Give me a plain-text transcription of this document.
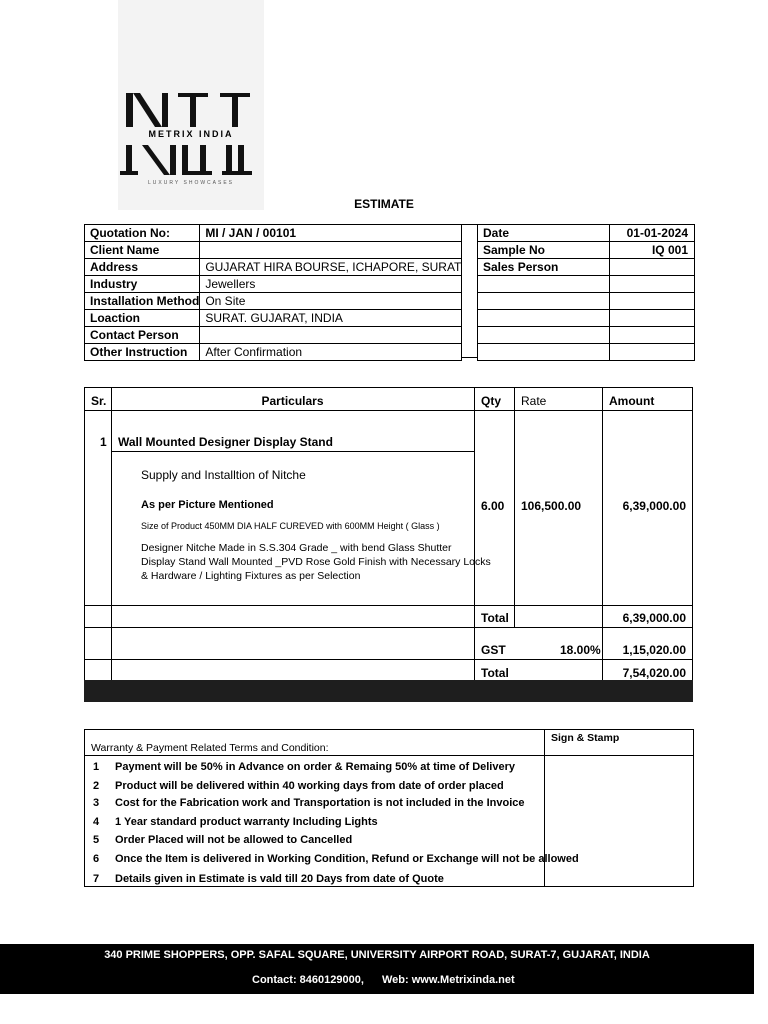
METRIX INDIA
LUXURY SHOWCASES
ESTIMATE
Quotation No:	MI / JAN / 00101
Client Name	
Address	GUJARAT HIRA BOURSE, ICHAPORE, SURAT
Industry	Jewellers
Installation Method	On Site
Loaction	SURAT. GUJARAT, INDIA
Contact Person	
Other Instruction	After Confirmation
Date	01-01-2024
Sample No	IQ 001
Sales Person	

Sr.	Particulars	Qty Rate	Amount
1 Wall Mounted Designer Display Stand
Supply and Installtion of Nitche
As per Picture Mentioned
Size of Product 450MM DIA HALF CUREVED with 600MM Height ( Glass )
Designer Nitche Made in S.S.304 Grade _ with bend Glass Shutter
Display Stand Wall Mounted _PVD Rose Gold Finish with Necessary Locks
& Hardware / Lighting Fixtures as per Selection
6.00 106,500.00	6,39,000.00
Total	6,39,000.00
GST	18.00% 1,15,020.00
Total	7,54,020.00
Warranty & Payment Related Terms and Condition:
Sign & Stamp
1 Payment will be 50% in Advance on order & Remaing 50% at time of Delivery
2 Product will be delivered within 40 working days from date of order placed
3 Cost for the Fabrication work and Transportation is not included in the Invoice
4 1 Year standard product warranty Including Lights
5 Order Placed will not be allowed to Cancelled
6 Once the Item is delivered in Working Condition, Refund or Exchange will not be allowed
7 Details given in Estimate is vald till 20 Days from date of Quote
340 PRIME SHOPPERS, OPP. SAFAL SQUARE, UNIVERSITY AIRPORT ROAD, SURAT-7, GUJARAT, INDIA
Contact: 8460129000, Web: www.Metrixinda.net
